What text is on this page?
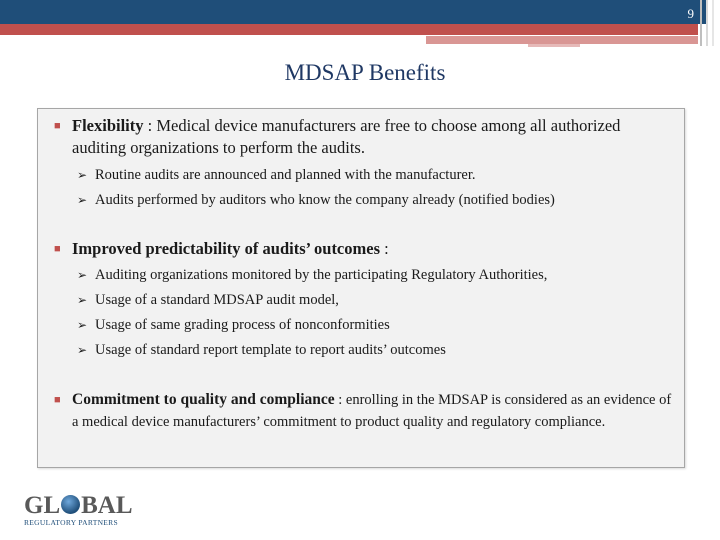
9
MDSAP Benefits
■ Flexibility : Medical device manufacturers are free to choose among all authorized auditing organizations to perform the audits.
➢ Routine audits are announced and planned with the manufacturer.
➢ Audits performed by auditors who know the company already (notified bodies)
■ Improved predictability of audits’ outcomes :
➢ Auditing organizations monitored by the participating Regulatory Authorities,
➢ Usage of a standard MDSAP audit model,
➢ Usage of same grading process of nonconformities
➢ Usage of standard report template to report audits’ outcomes
■ Commitment to quality and compliance : enrolling in the MDSAP is considered as an evidence of a medical device manufacturers’ commitment to product quality and regulatory compliance.
GL BAL
REGULATORY PARTNERS
